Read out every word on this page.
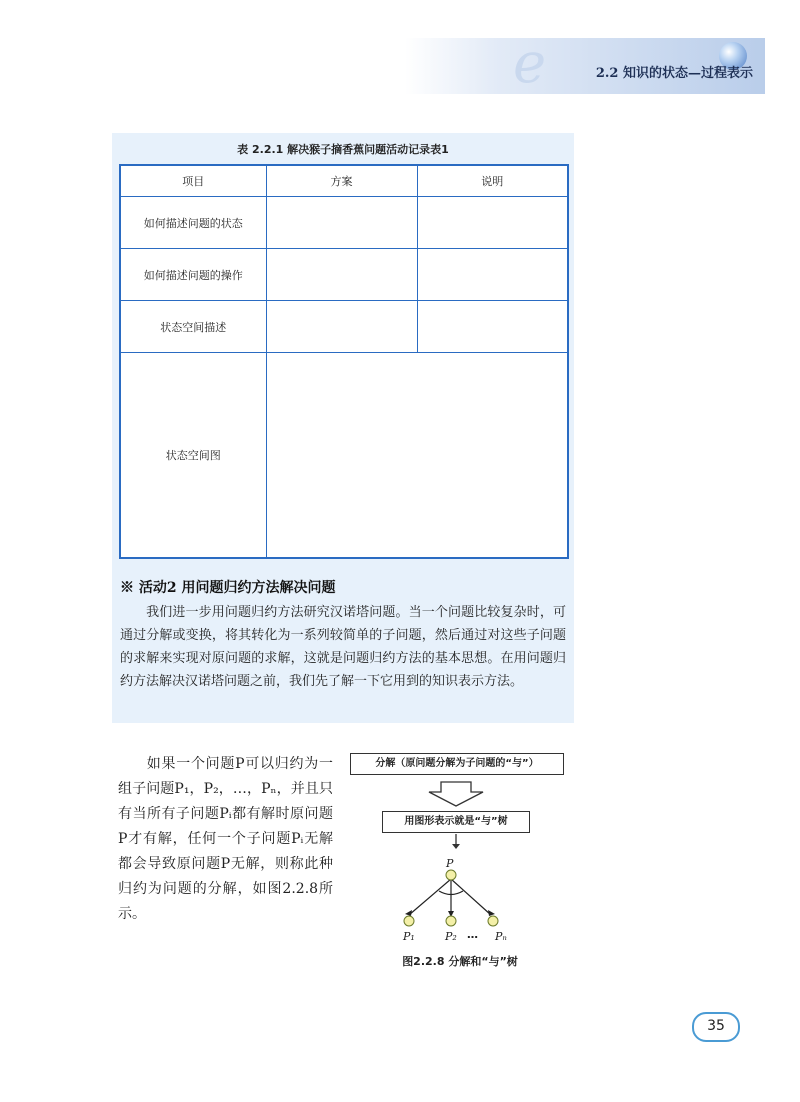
e	2.2 知识的状态—过程表示
表 2.2.1 解决猴子摘香蕉问题活动记录表1
项目	方案	说明
如何描述问题的状态		
如何描述问题的操作		
状态空间描述		
状态空间图		
※ 活动2 用问题归约方法解决问题
我们进一步用问题归约方法研究汉诺塔问题。当一个问题比较复杂时，可通过分解或变换，将其转化为一系列较简单的子问题，然后通过对这些子问题的求解来实现对原问题的求解，这就是问题归约方法的基本思想。在用问题归约方法解决汉诺塔问题之前，我们先了解一下它用到的知识表示方法。
如果一个问题P可以归约为一组子问题P₁，P₂，…，Pₙ，并且只有当所有子问题Pᵢ都有解时原问题P才有解，任何一个子问题Pᵢ无解都会导致原问题P无解，则称此种归约为问题的分解，如图2.2.8所示。
分解（原问题分解为子问题的“与”）
P
P₁	P₂ … Pₙ
用图形表示就是“与”树
图2.2.8 分解和“与”树
35
